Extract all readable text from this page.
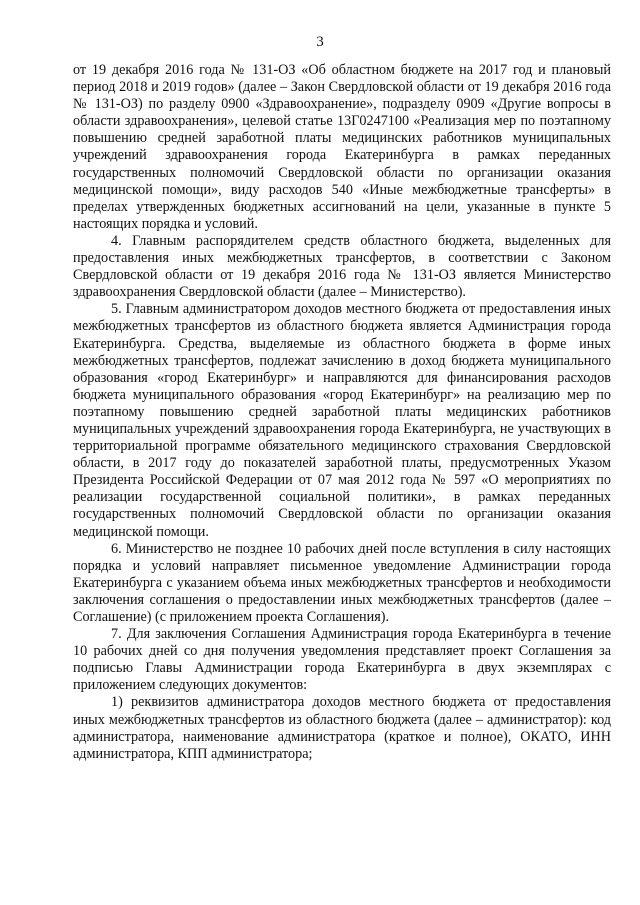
3

от 19 декабря 2016 года № 131-ОЗ «Об областном бюджете на 2017 год и плановый период 2018 и 2019 годов» (далее – Закон Свердловской области от 19 декабря 2016 года № 131-ОЗ) по разделу 0900 «Здравоохранение», подразделу 0909 «Другие вопросы в области здравоохранения», целевой статье 13Г0247100 «Реализация мер по поэтапному повышению средней заработной платы медицинских работников муниципальных учреждений здравоохранения города Екатеринбурга в рамках переданных государственных полномочий Свердловской области по организации оказания медицинской помощи», виду расходов 540 «Иные межбюджетные трансферты» в пределах утвержденных бюджетных ассигнований на цели, указанные в пункте 5 настоящих порядка и условий.

4. Главным распорядителем средств областного бюджета, выделенных для предоставления иных межбюджетных трансфертов, в соответствии с Законом Свердловской области от 19 декабря 2016 года № 131-ОЗ является Министерство здравоохранения Свердловской области (далее – Министерство).

5. Главным администратором доходов местного бюджета от предоставления иных межбюджетных трансфертов из областного бюджета является Администрация города Екатеринбурга. Средства, выделяемые из областного бюджета в форме иных межбюджетных трансфертов, подлежат зачислению в доход бюджета муниципального образования «город Екатеринбург» и направляются для финансирования расходов бюджета муниципального образования «город Екатеринбург» на реализацию мер по поэтапному повышению средней заработной платы медицинских работников муниципальных учреждений здравоохранения города Екатеринбурга, не участвующих в территориальной программе обязательного медицинского страхования Свердловской области, в 2017 году до показателей заработной платы, предусмотренных Указом Президента Российской Федерации от 07 мая 2012 года № 597 «О мероприятиях по реализации государственной социальной политики», в рамках переданных государственных полномочий Свердловской области по организации оказания медицинской помощи.

6. Министерство не позднее 10 рабочих дней после вступления в силу настоящих порядка и условий направляет письменное уведомление Администрации города Екатеринбурга с указанием объема иных межбюджетных трансфертов и необходимости заключения соглашения о предоставлении иных межбюджетных трансфертов (далее – Соглашение) (с приложением проекта Соглашения).

7. Для заключения Соглашения Администрация города Екатеринбурга в течение 10 рабочих дней со дня получения уведомления представляет проект Соглашения за подписью Главы Администрации города Екатеринбурга в двух экземплярах с приложением следующих документов:

1) реквизитов администратора доходов местного бюджета от предоставления иных межбюджетных трансфертов из областного бюджета (далее – администратор): код администратора, наименование администратора (краткое и полное), ОКАТО, ИНН администратора, КПП администратора;
